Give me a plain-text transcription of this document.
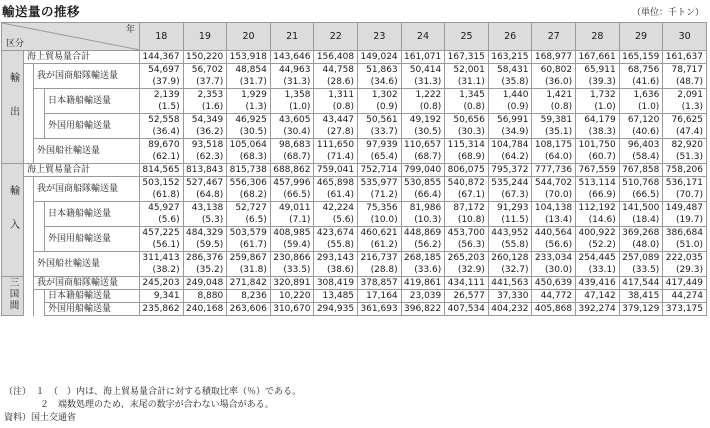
輸送量の推移	（単位：千トン）
年
区分				18	19	20	21	22	23	24	25	26	27	28	29	30
輸出	海上貿易量合計			144,367	150,220	153,918	143,646	156,408	149,024	161,071	167,315	163,215	168,977	167,661	165,159	161,637
		我が国商船隊輸送量		54,697	56,702	48,854	44,963	44,758	51,863	50,414	52,001	58,431	60,802	65,911	68,756	78,717
				(37.9)	(37.7)	(31.7)	(31.3)	(28.6)	(34.6)	(31.3)	(31.1)	(35.8)	(36.0)	(39.3)	(41.6)	(48.7)
			日本籍船輸送量	2,139	2,353	1,929	1,358	1,311	1,302	1,222	1,345	1,440	1,421	1,732	1,636	2,091
				(1.5)	(1.6)	(1.3)	(1.0)	(0.8)	(0.9)	(0.8)	(0.8)	(0.9)	(0.8)	(1.0)	(1.0)	(1.3)
			外国用船輸送量	52,558	54,349	46,925	43,605	43,447	50,561	49,192	50,656	56,991	59,381	64,179	67,120	76,625
				(36.4)	(36.2)	(30.5)	(30.4)	(27.8)	(33.7)	(30.5)	(30.3)	(34.9)	(35.1)	(38.3)	(40.6)	(47.4)
		外国船社輸送量		89,670	93,518	105,064	98,683	111,650	97,939	110,657	115,314	104,784	108,175	101,750	96,403	82,920
				(62.1)	(62.3)	(68.3)	(68.7)	(71.4)	(65.4)	(68.7)	(68.9)	(64.2)	(64.0)	(60.7)	(58.4)	(51.3)
輸入	海上貿易量合計			814,565	813,843	815,738	688,862	759,041	752,714	799,040	806,075	795,372	777,736	767,559	767,858	758,206
		我が国商船隊輸送量		503,152	527,467	556,306	457,996	465,898	535,977	530,855	540,872	535,244	544,702	513,114	510,768	536,171
				(61.8)	(64.8)	(68.2)	(66.5)	(61.4)	(71.2)	(66.4)	(67.1)	(67.3)	(70.0)	(66.9)	(66.5)	(70.7)
			日本籍船輸送量	45,927	43,138	52,727	49,011	42,224	75,356	81,986	87,172	91,293	104,138	112,192	141,500	149,487
				(5.6)	(5.3)	(6.5)	(7.1)	(5.6)	(10.0)	(10.3)	(10.8)	(11.5)	(13.4)	(14.6)	(18.4)	(19.7)
			外国用船輸送量	457,225	484,329	503,579	408,985	423,674	460,621	448,869	453,700	443,952	440,564	400,922	369,268	386,684
				(56.1)	(59.5)	(61.7)	(59.4)	(55.8)	(61.2)	(56.2)	(56.3)	(55.8)	(56.6)	(52.2)	(48.0)	(51.0)
		外国船社輸送量		311,413	286,376	259,867	230,866	293,143	216,737	268,185	265,203	260,128	233,034	254,445	257,089	222,035
				(38.2)	(35.2)	(31.8)	(33.5)	(38.6)	(28.8)	(33.6)	(32.9)	(32.7)	(30.0)	(33.1)	(33.5)	(29.3)
三国間		我が国商船隊輸送量		245,203	249,048	271,842	320,891	308,419	378,857	419,861	434,111	441,563	450,639	439,416	417,544	417,449
			日本籍船輸送量	9,341	8,880	8,236	10,220	13,485	17,164	23,039	26,577	37,330	44,772	47,142	38,415	44,274
			外国用船輸送量	235,862	240,168	263,606	310,670	294,935	361,693	396,822	407,534	404,232	405,868	392,274	379,129	373,175
（注）　１　（　）内は、海上貿易量合計に対する積取比率（％）である。
　　　　２　端数処理のため、末尾の数字が合わない場合がある。
資料）国土交通省
